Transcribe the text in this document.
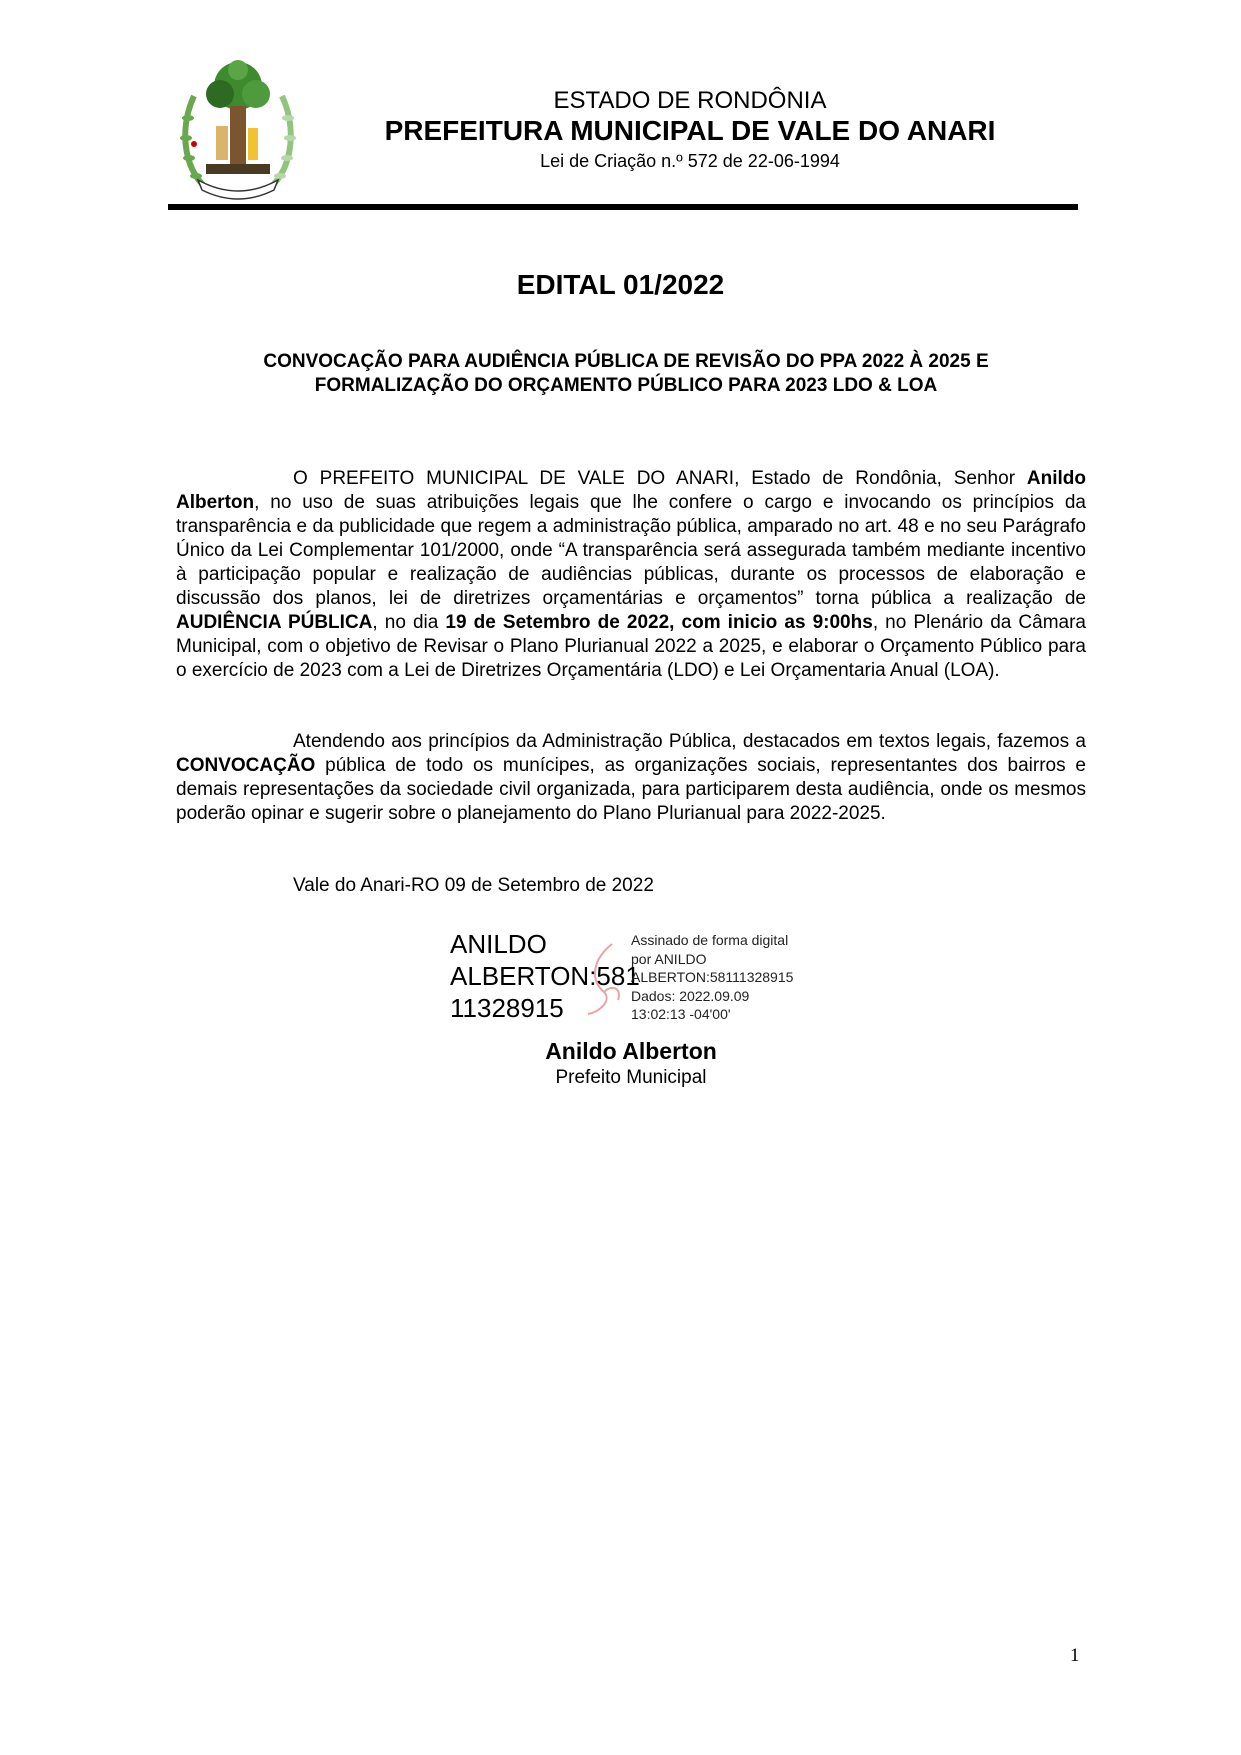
ESTADO DE RONDÔNIA
PREFEITURA MUNICIPAL DE VALE DO ANARI
Lei de Criação n.º 572 de 22-06-1994
EDITAL 01/2022
CONVOCAÇÃO PARA AUDIÊNCIA PÚBLICA DE REVISÃO DO PPA 2022 À 2025 E
FORMALIZAÇÃO DO ORÇAMENTO PÚBLICO PARA 2023 LDO & LOA

O PREFEITO MUNICIPAL DE VALE DO ANARI, Estado de Rondônia, Senhor Anildo Alberton, no uso de suas atribuições legais que lhe confere o cargo e invocando os princípios da transparência e da publicidade que regem a administração pública, amparado no art. 48 e no seu Parágrafo Único da Lei Complementar 101/2000, onde “A transparência será assegurada também mediante incentivo à participação popular e realização de audiências públicas, durante os processos de elaboração e discussão dos planos, lei de diretrizes orçamentárias e orçamentos” torna pública a realização de AUDIÊNCIA PÚBLICA, no dia 19 de Setembro de 2022, com inicio as 9:00hs, no Plenário da Câmara Municipal, com o objetivo de Revisar o Plano Plurianual 2022 a 2025, e elaborar o Orçamento Público para o exercício de 2023 com a Lei de Diretrizes Orçamentária (LDO) e Lei Orçamentaria Anual (LOA).

Atendendo aos princípios da Administração Pública, destacados em textos legais, fazemos a CONVOCAÇÃO pública de todo os munícipes, as organizações sociais, representantes dos bairros e demais representações da sociedade civil organizada, para participarem desta audiência, onde os mesmos poderão opinar e sugerir sobre o planejamento do Plano Plurianual para 2022-2025.

Vale do Anari-RO 09 de Setembro de 2022
ANILDO
ALBERTON:581
11328915
Assinado de forma digital
por ANILDO
ALBERTON:58111328915
Dados: 2022.09.09
13:02:13 -04'00'
Anildo Alberton
Prefeito Municipal
1
